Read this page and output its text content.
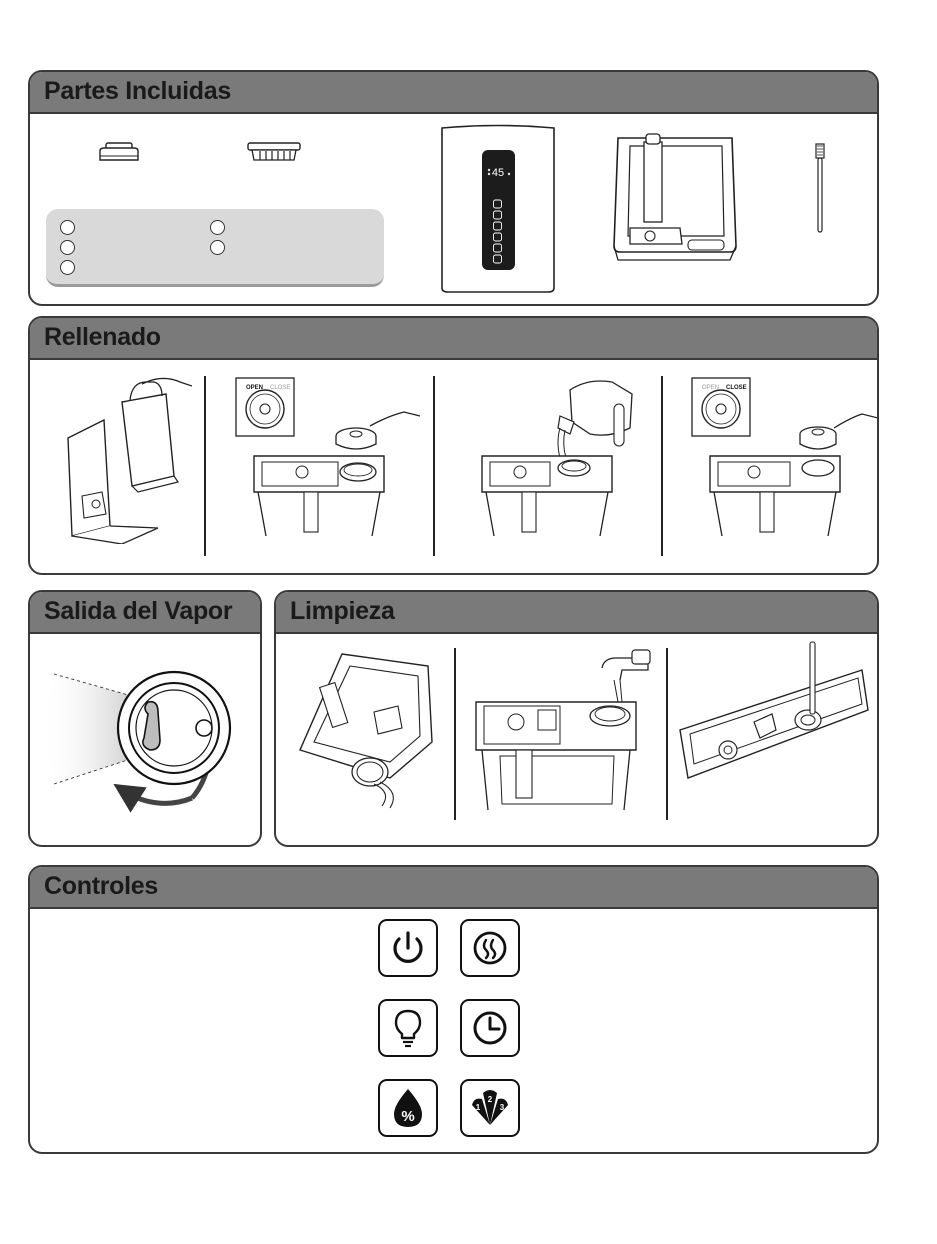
Partes Incluidas
45
Rellenado
OPEN CLOSE	OPEN CLOSE
Salida del Vapor Limpieza
Controles
%
1
2
3
